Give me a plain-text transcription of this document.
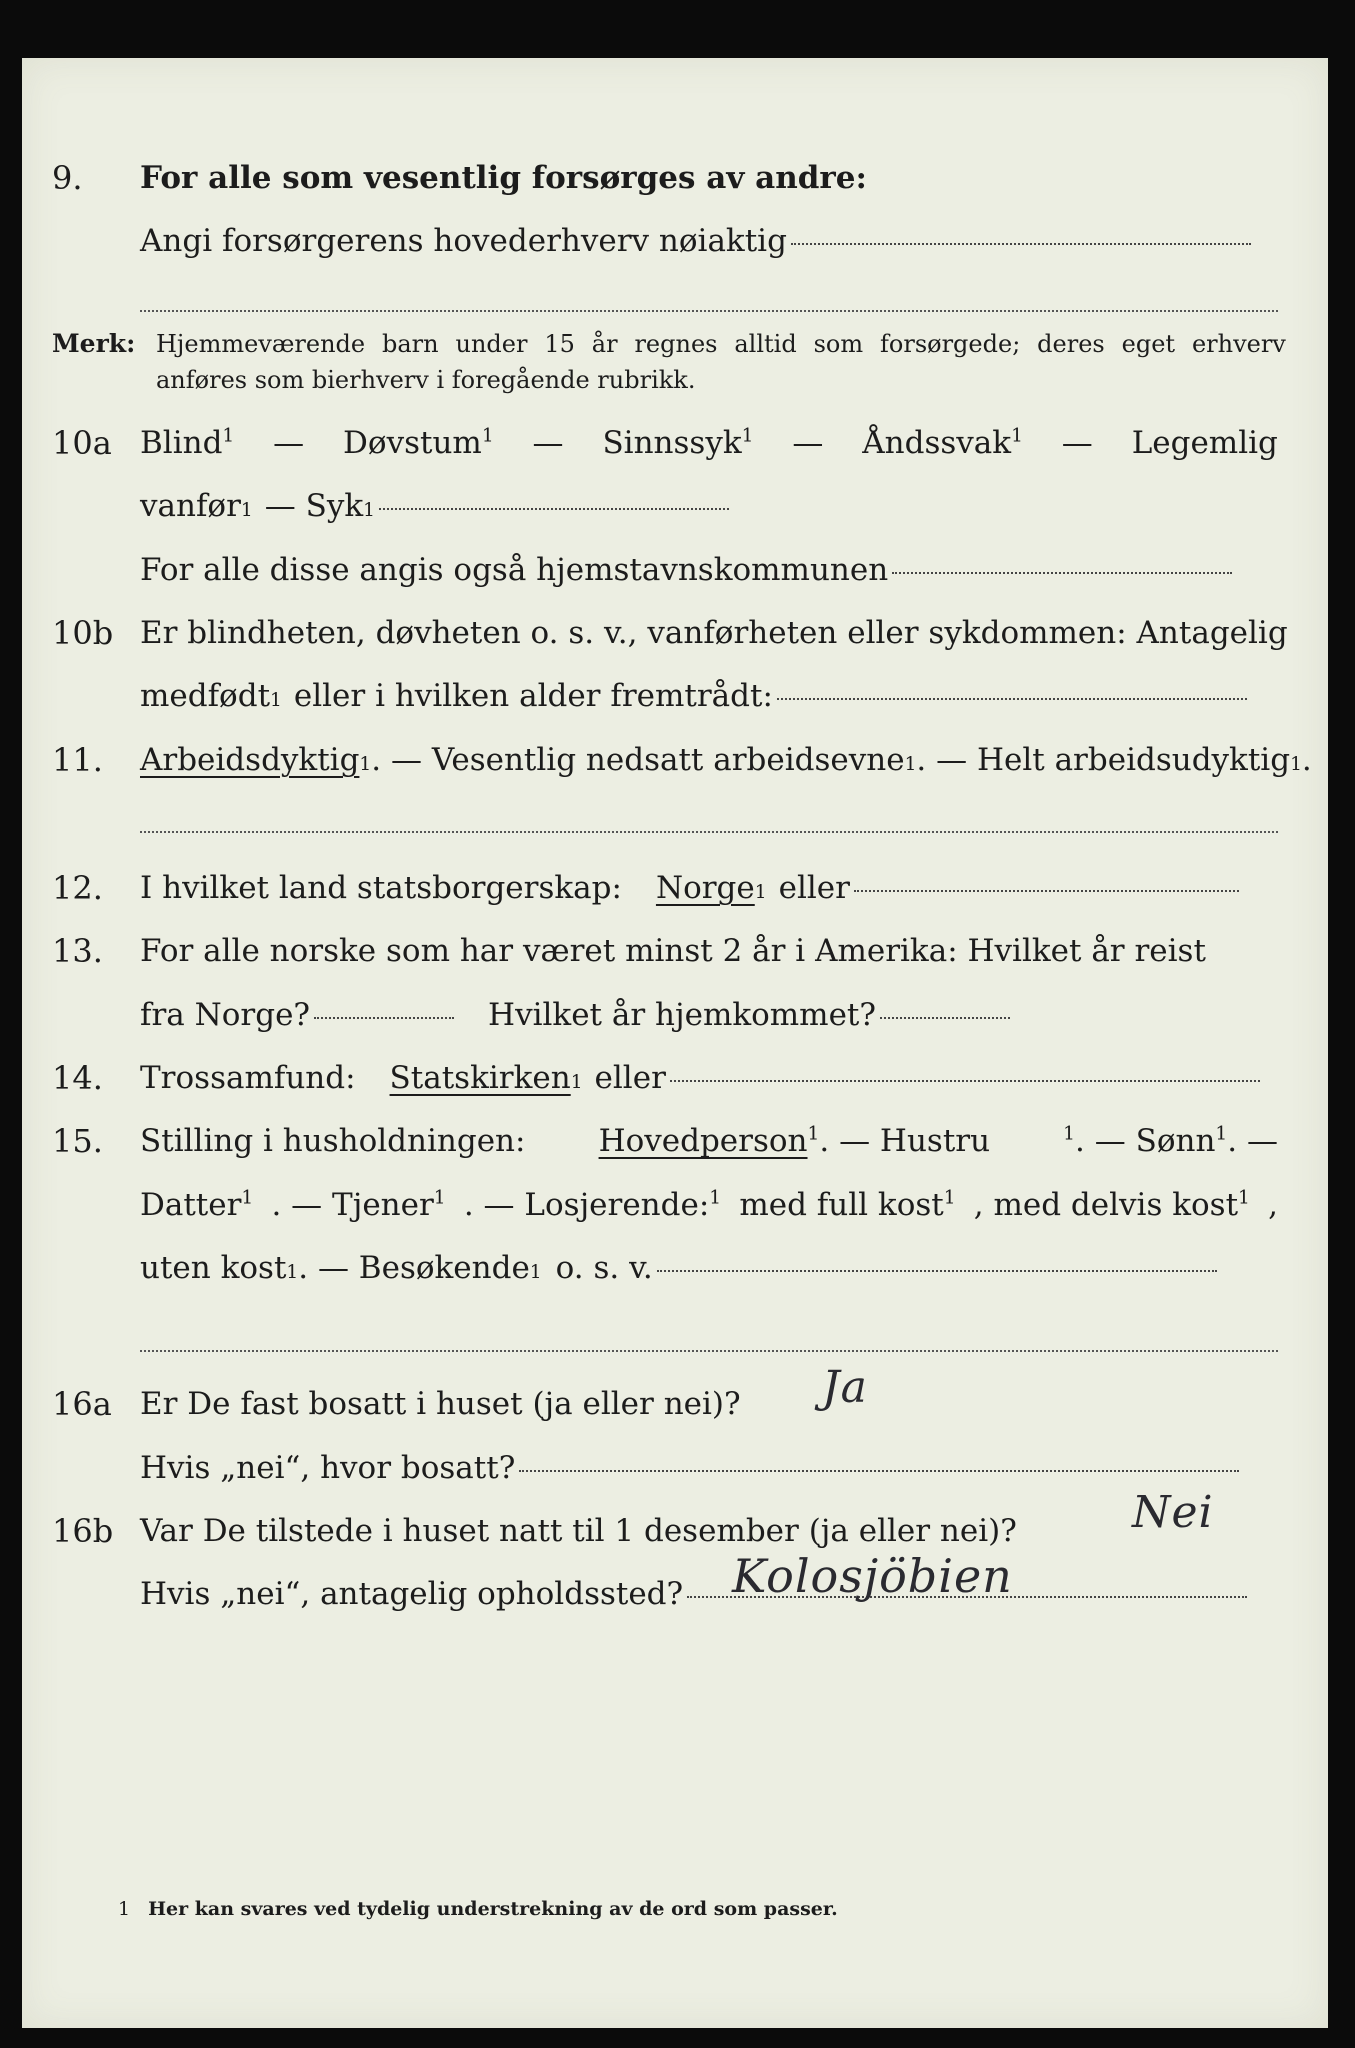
9. For alle som vesentlig forsørges av andre:
Angi forsørgerens hovederhverv nøiaktig
Merk: Hjemmeværende barn under 15 år regnes alltid som forsørgede; deres eget erhverv
anføres som bierhverv i foregående rubrikk.
10a Blind$^1$ — Døvstum$^1$ — Sinnssyk$^1$ — Åndssvak$^1$ — Legemlig
vanfør 1 — Syk 1
For alle disse angis også hjemstavnskommunen
10b Er blindheten, døvheten o. s. v., vanførheten eller sykdommen: Antagelig
medfødt 1 eller i hvilken alder fremtrådt:
11. Arbeidsdyktig 1 . — Vesentlig nedsatt arbeidsevne 1 . — Helt arbeidsudyktig 1 .
12. I hvilket land statsborgerskap: Norge 1 eller
13. For alle norske som har været minst 2 år i Amerika: Hvilket år reist
fra Norge?	Hvilket år hjemkommet?
14. Trossamfund: Statskirken 1 eller
15. Stilling i husholdningen: Hovedperson$^1$. — Hustru	$^1$. — Sønn$^1$. —
Datter$^1$ . — Tjener$^1$ . — Losjerende:$^1$ med full kost$^1$ , med delvis kost$^1$ ,
uten kost 1 . — Besøkende 1 o. s. v.
16a Er De fast bosatt i huset (ja eller nei)? Ja
Hvis „nei“, hvor bosatt?
16b Var De tilstede i huset natt til 1 desember (ja eller nei)?	Nei
Hvis „nei“, antagelig opholdssted? Kolosjöbien
1 Her kan svares ved tydelig understrekning av de ord som passer.
